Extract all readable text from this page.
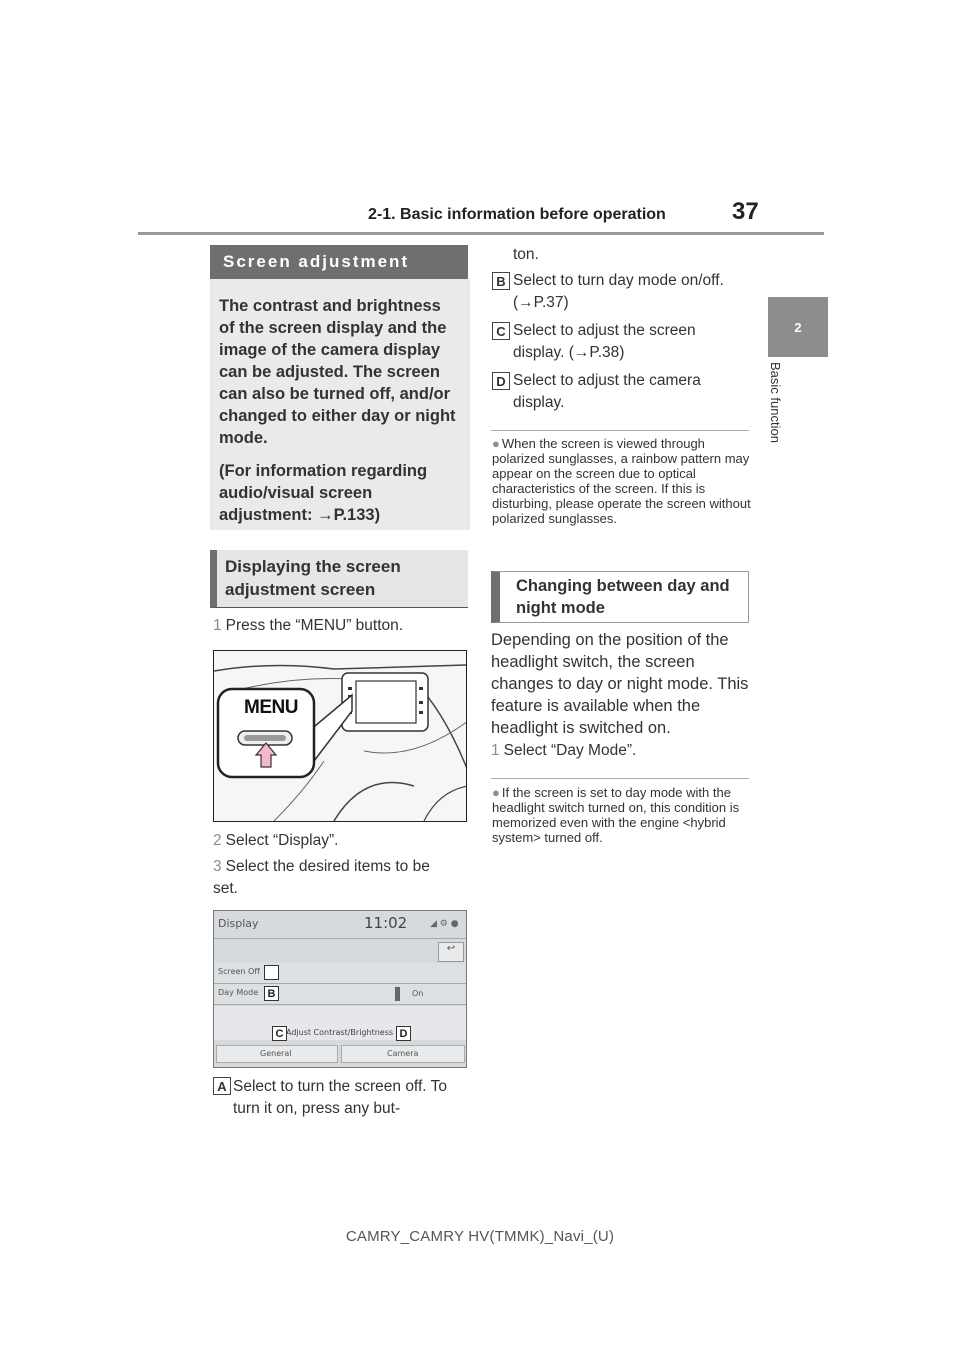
2-1. Basic information before operation	37
2
Basic function
Screen adjustment

The contrast and brightness of the screen display and the image of the camera display can be adjusted. The screen can also be turned off, and/or changed to either day or night mode.

(For information regarding audio/visual screen adjustment: →P.133)

Displaying the screen adjustment screen
1 Press the “MENU” button.
MENU
2 Select “Display”.
3 Select the desired items to be set.
Display	11:02	◢ ⚙ ●
↩
Screen Off
Day Mode B	On
C Adjust Contrast/Brightness D
General	Camera
A Select to turn the screen off. To turn it on, press any but-
ton.
B Select to turn day mode on/off. (→P.37)
C Select to adjust the screen display. (→P.38)
D Select to adjust the camera display.
● When the screen is viewed through polarized sunglasses, a rainbow pattern may appear on the screen due to optical characteristics of the screen. If this is disturbing, please operate the screen without polarized sunglasses.
Changing between day and night mode
Depending on the position of the headlight switch, the screen changes to day or night mode. This feature is available when the headlight is switched on.
1 Select “Day Mode”.
● If the screen is set to day mode with the headlight switch turned on, this condition is memorized even with the engine <hybrid system> turned off.
CAMRY_CAMRY HV(TMMK)_Navi_(U)
